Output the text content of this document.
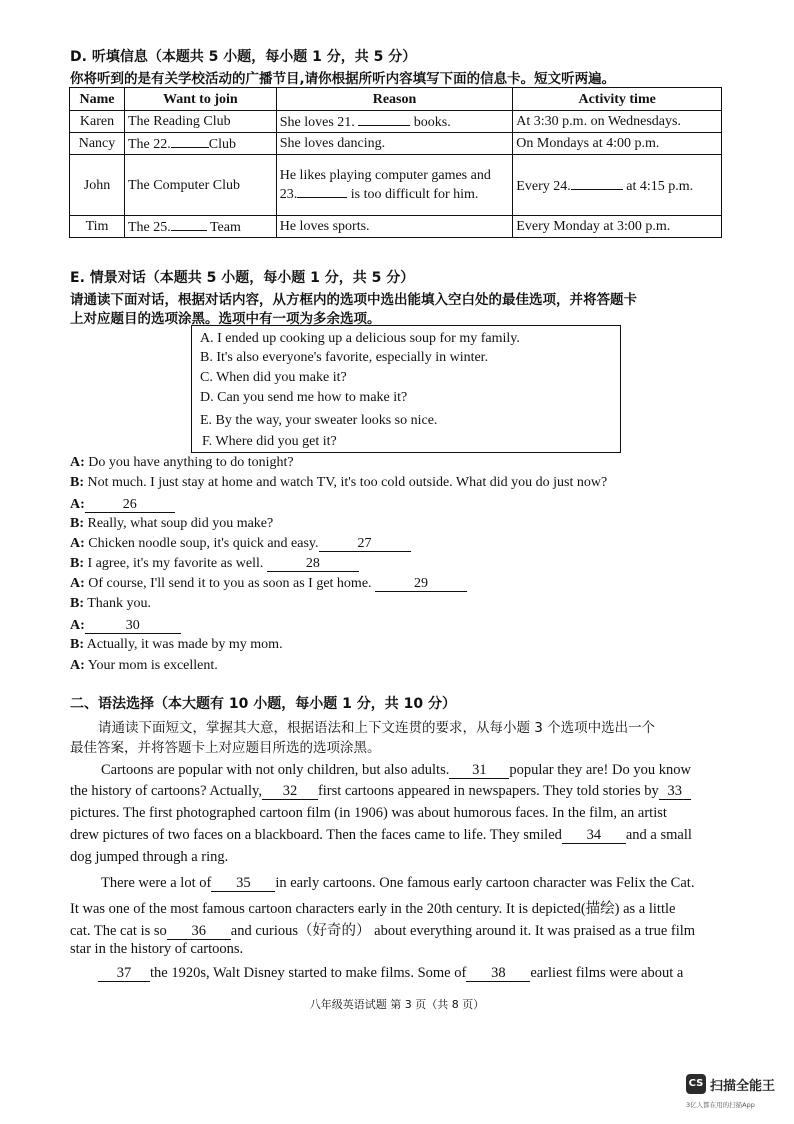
D. 听填信息（本题共 5 小题，每小题 1 分，共 5 分）
你将听到的是有关学校活动的广播节目,请你根据所听内容填写下面的信息卡。短文听两遍。
Name	Want to join	Reason	Activity time
Karen	The Reading Club	She loves 21. books.	At 3:30 p.m. on Wednesdays.
Nancy	The 22. Club	She loves dancing.	On Mondays at 4:00 p.m.
John	The Computer Club	He likes playing computer games and 23. is too difficult for him.	Every 24. at 4:15 p.m.
Tim	The 25. Team	He loves sports.	Every Monday at 3:00 p.m.
E. 情景对话（本题共 5 小题，每小题 1 分，共 5 分）
请通读下面对话，根据对话内容，从方框内的选项中选出能填入空白处的最佳选项，并将答题卡
上对应题目的选项涂黑。选项中有一项为多余选项。
A. I ended up cooking up a delicious soup for my family.
B. It's also everyone's favorite, especially in winter.
C. When did you make it?
D. Can you send me how to make it?
E. By the way, your sweater looks so nice.
F. Where did you get it?
A: Do you have anything to do tonight?
B: Not much. I just stay at home and watch TV, it's too cold outside. What did you do just now?
A:	26
B: Really, what soup did you make?
A: Chicken noodle soup, it's quick and easy.	27
B: I agree, it's my favorite as well.	28
A: Of course, I'll send it to you as soon as I get home.	29
B: Thank you.
A:	30
B: Actually, it was made by my mom.
A: Your mom is excellent.
二、语法选择（本大题有 10 小题，每小题 1 分，共 10 分）
请通读下面短文，掌握其大意，根据语法和上下文连贯的要求，从每小题 3 个选项中选出一个
最佳答案，并将答题卡上对应题目所选的选项涂黑。
Cartoons are popular with not only children, but also adults. 31 popular they are! Do you know
the history of cartoons? Actually, 32 first cartoons appeared in newspapers. They told stories by 33
pictures. The first photographed cartoon film (in 1906) was about humorous faces. In the film, an artist
drew pictures of two faces on a blackboard. Then the faces came to life. They smiled 34 and a small
dog jumped through a ring.
There were a lot of 35 in early cartoons. One famous early cartoon character was Felix the Cat.
It was one of the most famous cartoon characters early in the 20th century. It is depicted(描绘) as a little
cat. The cat is so 36 and curious（好奇的） about everything around it. It was praised as a true film
star in the history of cartoons.
37 the 1920s, Walt Disney started to make films. Some of 38 earliest films were about a
八年级英语试题 第 3 页（共 8 页）
CS 扫描全能王
3亿人都在用的扫描App
